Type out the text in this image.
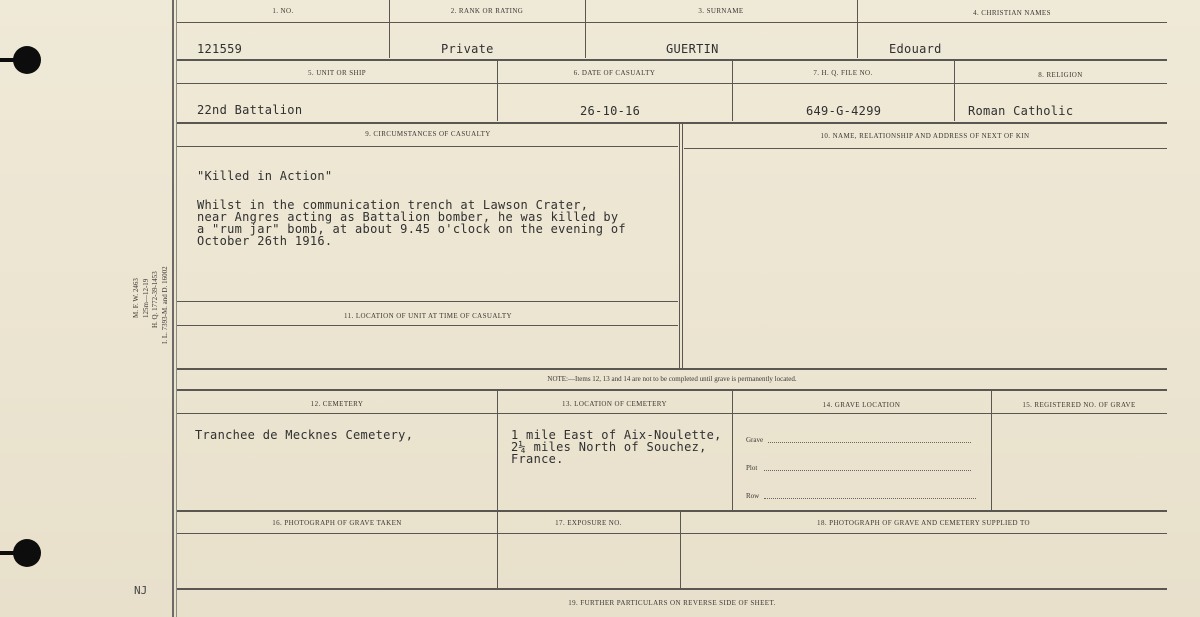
M. F. W. 2463 125m—12-19 H. Q. 1772-39-1453 I. L. 7393-M. and D. 16002
NJ
1. NO.	2. RANK OR RATING	3. SURNAME	4. CHRISTIAN NAMES
121559	Private	GUERTIN	Edouard
5. UNIT OR SHIP	6. DATE OF CASUALTY	7. H. Q. FILE NO.	8. RELIGION
22nd Battalion	26-10-16	649-G-4299	Roman Catholic
9. CIRCUMSTANCES OF CASUALTY	10. NAME, RELATIONSHIP AND ADDRESS OF NEXT OF KIN
11. LOCATION OF UNIT AT TIME OF CASUALTY
"Killed in Action"
Whilst in the communication trench at Lawson Crater,
near Angres acting as Battalion bomber, he was killed by
a "rum jar" bomb, at about 9.45 o'clock on the evening of
October 26th 1916.
NOTE:—Items 12, 13 and 14 are not to be completed until grave is permanently located.
12. CEMETERY	13. LOCATION OF CEMETERY	14. GRAVE LOCATION	15. REGISTERED NO. OF GRAVE
Tranchee de Mecknes Cemetery,	1 mile East of Aix-Noulette,
2¼ miles North of Souchez,
France.
Grave
Plot
Row
16. PHOTOGRAPH OF GRAVE TAKEN	17. EXPOSURE NO.	18. PHOTOGRAPH OF GRAVE AND CEMETERY SUPPLIED TO
19. FURTHER PARTICULARS ON REVERSE SIDE OF SHEET.
